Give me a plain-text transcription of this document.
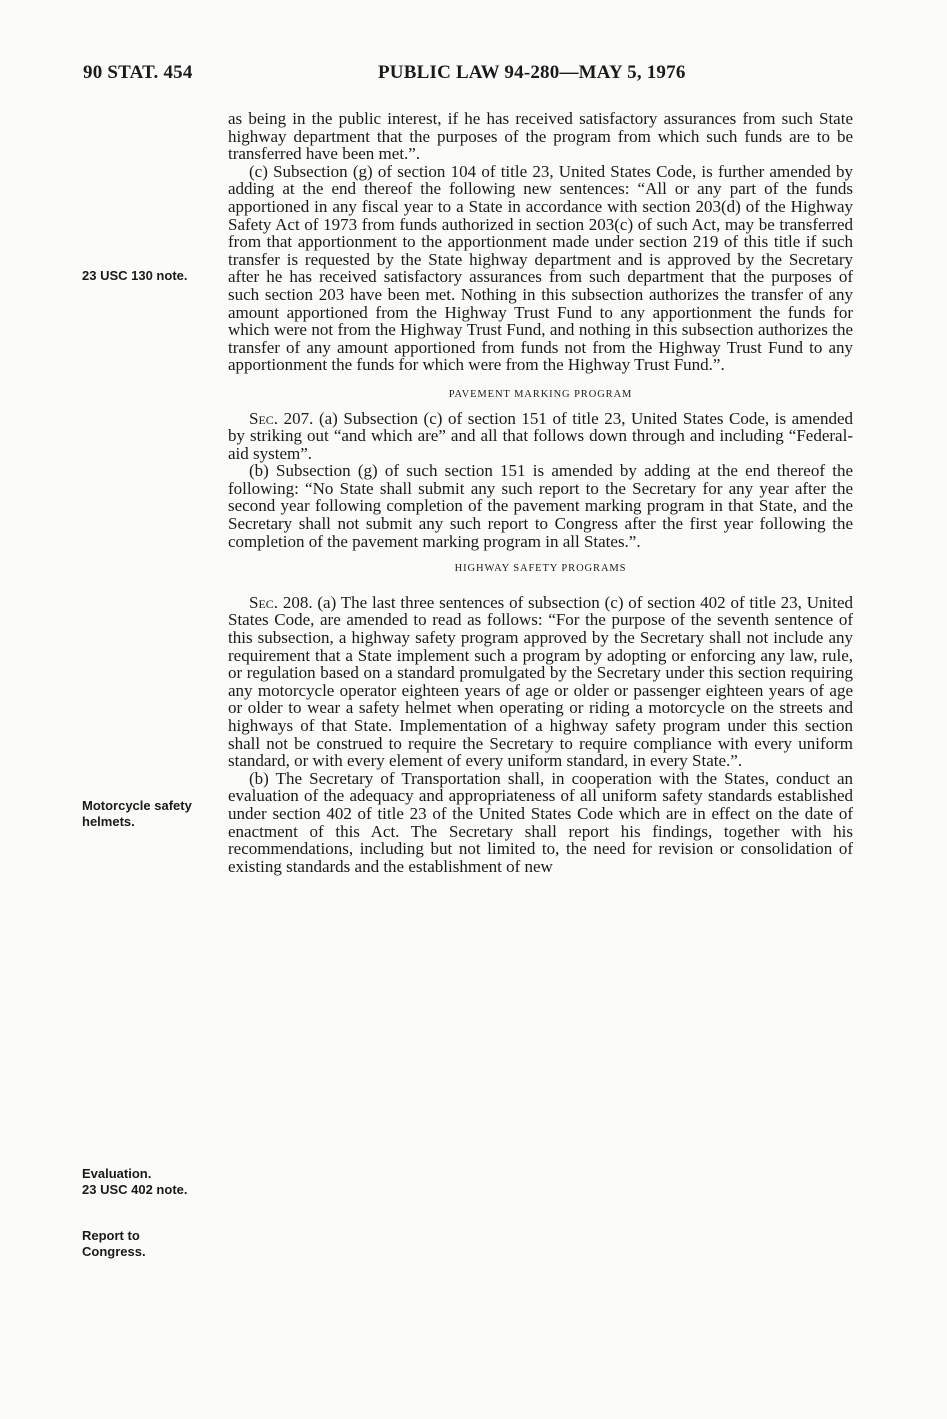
90 STAT. 454	PUBLIC LAW 94-280—MAY 5, 1976
23 USC 130 note.
Motorcycle safety
helmets.
Evaluation.
23 USC 402 note.
Report to
Congress.

as being in the public interest, if he has received satisfactory assurances from such State highway department that the purposes of the program from which such funds are to be transferred have been met.”.

(c) Subsection (g) of section 104 of title 23, United States Code, is further amended by adding at the end thereof the following new sentences: “All or any part of the funds apportioned in any fiscal year to a State in accordance with section 203(d) of the Highway Safety Act of 1973 from funds authorized in section 203(c) of such Act, may be transferred from that apportionment to the apportionment made under section 219 of this title if such transfer is requested by the State highway department and is approved by the Secretary after he has received satisfactory assurances from such department that the purposes of such section 203 have been met. Nothing in this subsection authorizes the transfer of any amount apportioned from the Highway Trust Fund to any apportionment the funds for which were not from the Highway Trust Fund, and nothing in this subsection authorizes the transfer of any amount apportioned from funds not from the Highway Trust Fund to any apportionment the funds for which were from the Highway Trust Fund.”.

PAVEMENT MARKING PROGRAM

Sec. 207. (a) Subsection (c) of section 151 of title 23, United States Code, is amended by striking out “and which are” and all that follows down through and including “Federal-aid system”.

(b) Subsection (g) of such section 151 is amended by adding at the end thereof the following: “No State shall submit any such report to the Secretary for any year after the second year following completion of the pavement marking program in that State, and the Secretary shall not submit any such report to Congress after the first year following the completion of the pavement marking program in all States.”.

HIGHWAY SAFETY PROGRAMS

Sec. 208. (a) The last three sentences of subsection (c) of section 402 of title 23, United States Code, are amended to read as follows: “For the purpose of the seventh sentence of this subsection, a highway safety program approved by the Secretary shall not include any requirement that a State implement such a program by adopting or enforcing any law, rule, or regulation based on a standard promulgated by the Secretary under this section requiring any motorcycle operator eighteen years of age or older or passenger eighteen years of age or older to wear a safety helmet when operating or riding a motorcycle on the streets and highways of that State. Implementation of a highway safety program under this section shall not be construed to require the Secretary to require compliance with every uniform standard, or with every element of every uniform standard, in every State.”.

(b) The Secretary of Transportation shall, in cooperation with the States, conduct an evaluation of the adequacy and appropriateness of all uniform safety standards established under section 402 of title 23 of the United States Code which are in effect on the date of enactment of this Act. The Secretary shall report his findings, together with his recommendations, including but not limited to, the need for revision or consolidation of existing standards and the establishment of new
